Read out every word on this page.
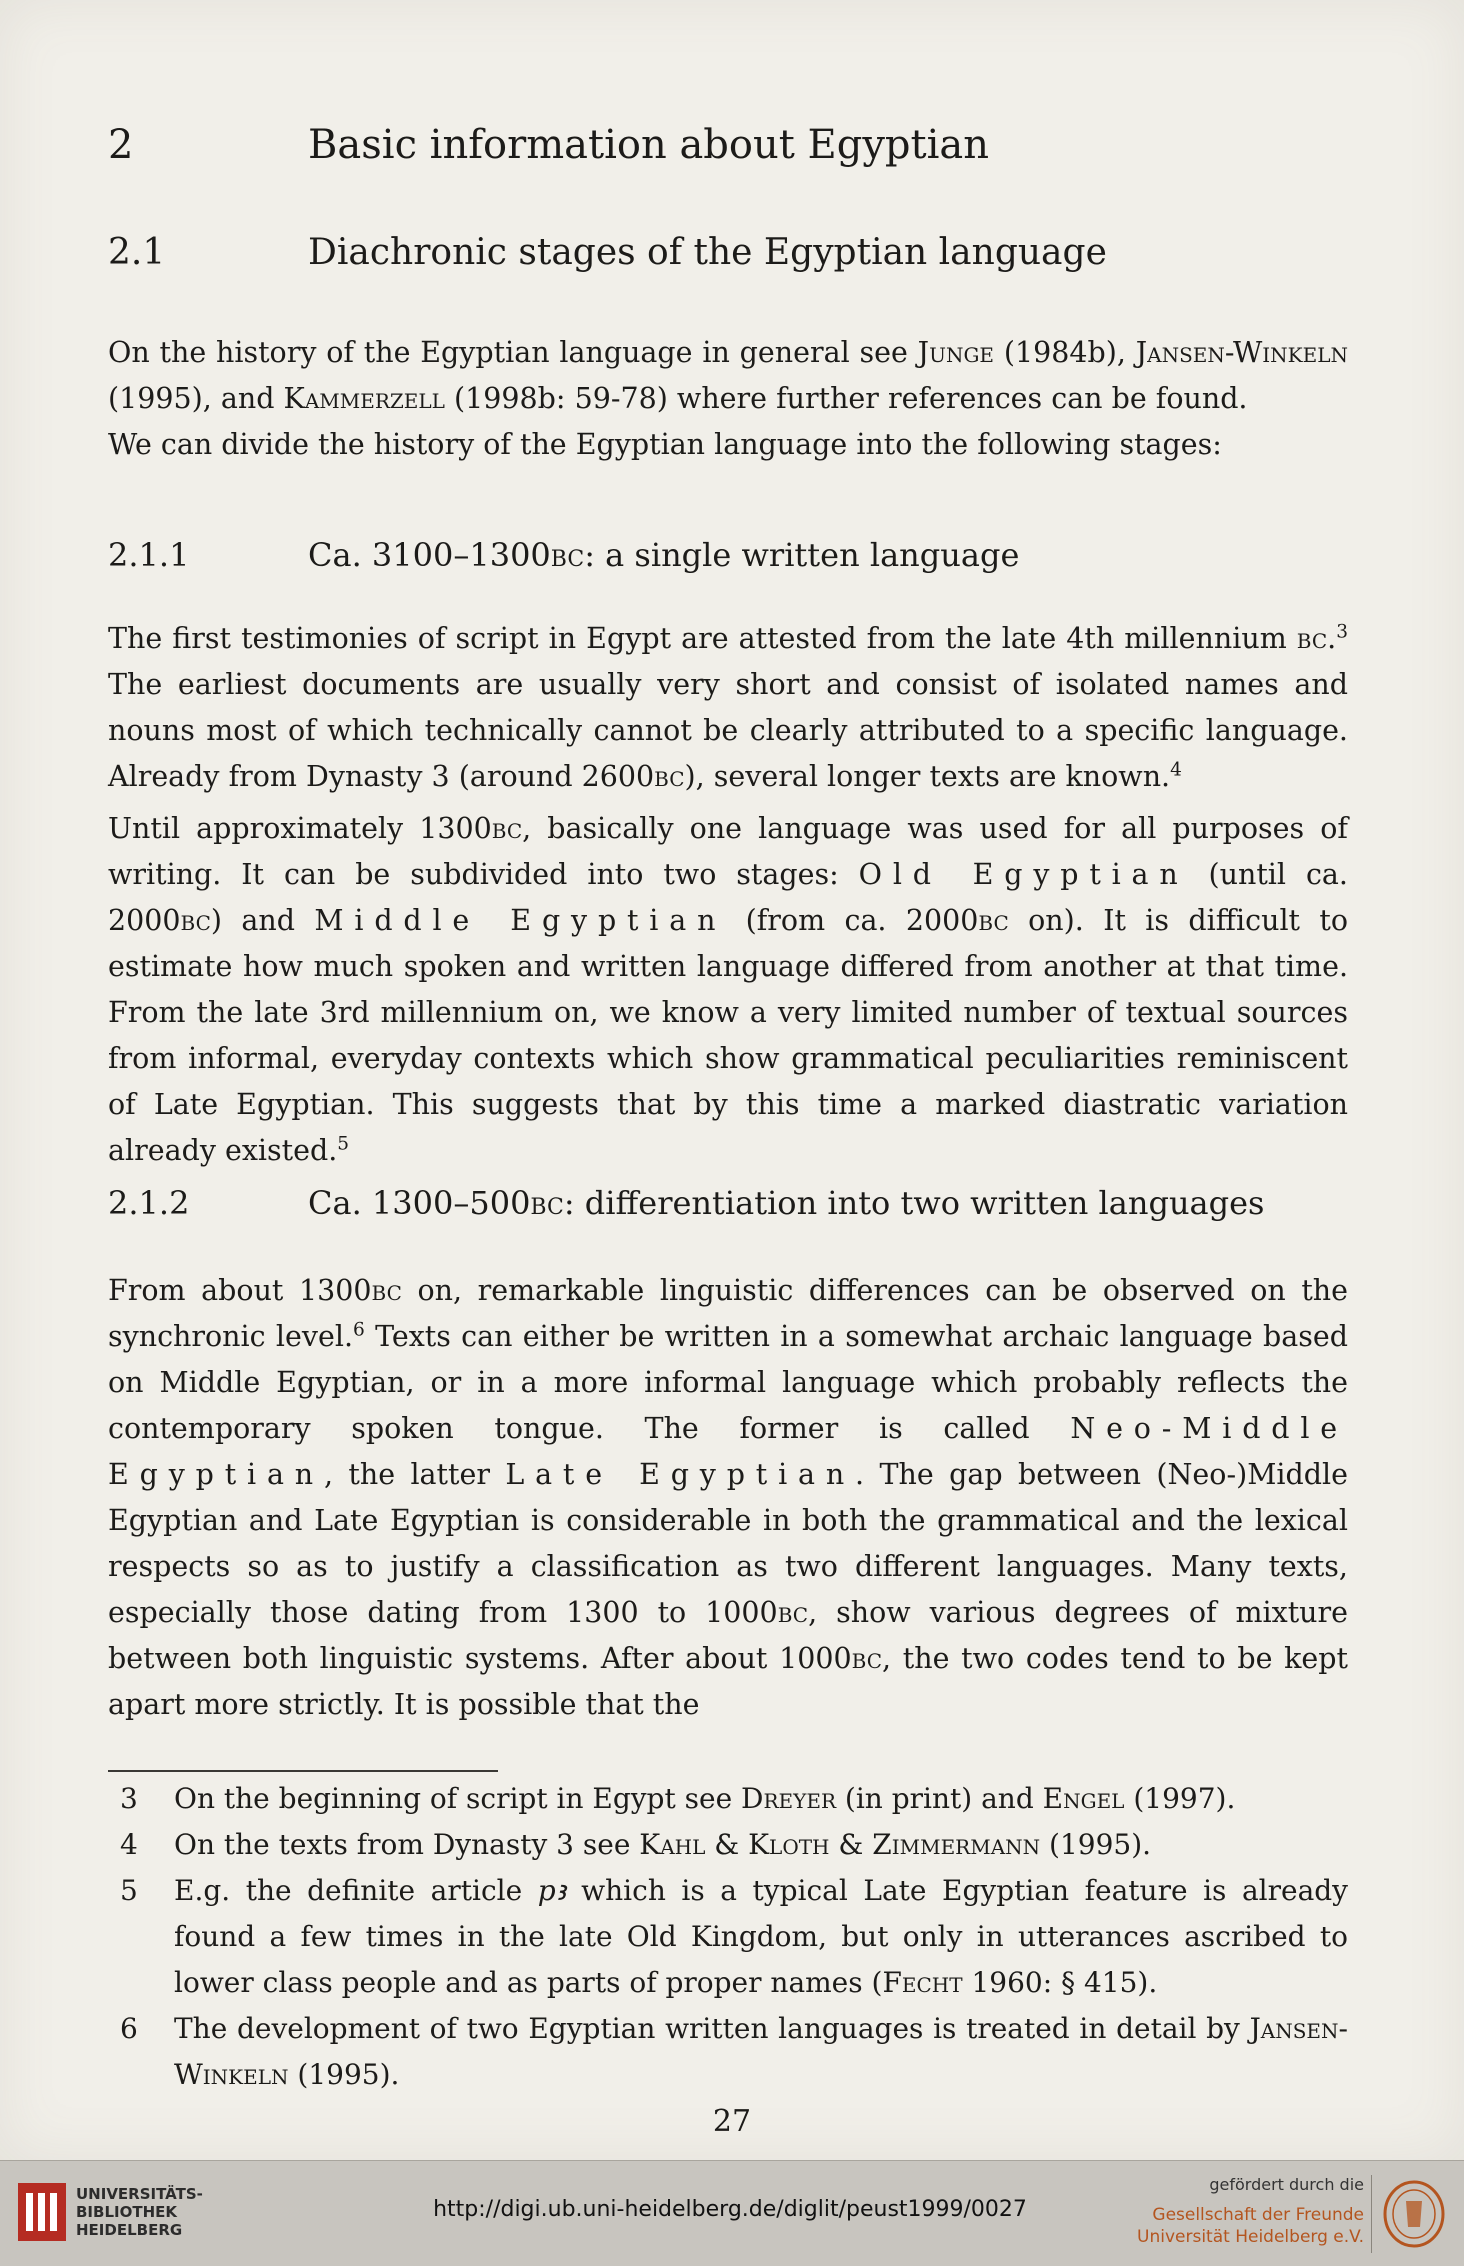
2	Basic information about Egyptian
2.1	Diachronic stages of the Egyptian language
On the history of the Egyptian language in general see Junge (1984b), Jansen-Winkeln (1995), and Kammerzell (1998b: 59-78) where further references can be found.
We can divide the history of the Egyptian language into the following stages:
2.1.1	Ca. 3100–1300bc: a single written language
The first testimonies of script in Egypt are attested from the late 4th millennium bc.$^3$ The earliest documents are usually very short and consist of isolated names and nouns most of which technically cannot be clearly attributed to a specific language. Already from Dynasty 3 (around 2600bc), several longer texts are known.$^4$
Until approximately 1300bc, basically one language was used for all purposes of writing. It can be subdivided into two stages: Old Egyptian (until ca. 2000bc) and Middle Egyptian (from ca. 2000bc on). It is difficult to estimate how much spoken and written language differed from another at that time. From the late 3rd millennium on, we know a very limited number of textual sources from informal, everyday contexts which show grammatical peculiarities reminiscent of Late Egyptian. This suggests that by this time a marked diastratic variation already existed.$^5$
2.1.2	Ca. 1300–500bc: differentiation into two written languages
From about 1300bc on, remarkable linguistic differences can be observed on the synchronic level.$^6$ Texts can either be written in a somewhat archaic language based on Middle Egyptian, or in a more informal language which probably reflects the contemporary spoken tongue. The former is called Neo-Middle Egyptian, the latter Late Egyptian. The gap between (Neo-)Middle Egyptian and Late Egyptian is considerable in both the grammatical and the lexical respects so as to justify a classification as two different languages. Many texts, especially those dating from 1300 to 1000bc, show various degrees of mixture between both linguistic systems. After about 1000bc, the two codes tend to be kept apart more strictly. It is possible that the
3	On the beginning of script in Egypt see Dreyer (in print) and Engel (1997).
4	On the texts from Dynasty 3 see Kahl & Kloth & Zimmermann (1995).
5	E.g. the definite article pꜣ which is a typical Late Egyptian feature is already found a few times in the late Old Kingdom, but only in utterances ascribed to lower class people and as parts of proper names (Fecht 1960: § 415).
6	The development of two Egyptian written languages is treated in detail by Jansen-Winkeln (1995).
27
UNIVERSITÄTS-
BIBLIOTHEK
HEIDELBERG
http://digi.ub.uni-heidelberg.de/diglit/peust1999/0027
gefördert durch die
Gesellschaft der Freunde
Universität Heidelberg e.V.
